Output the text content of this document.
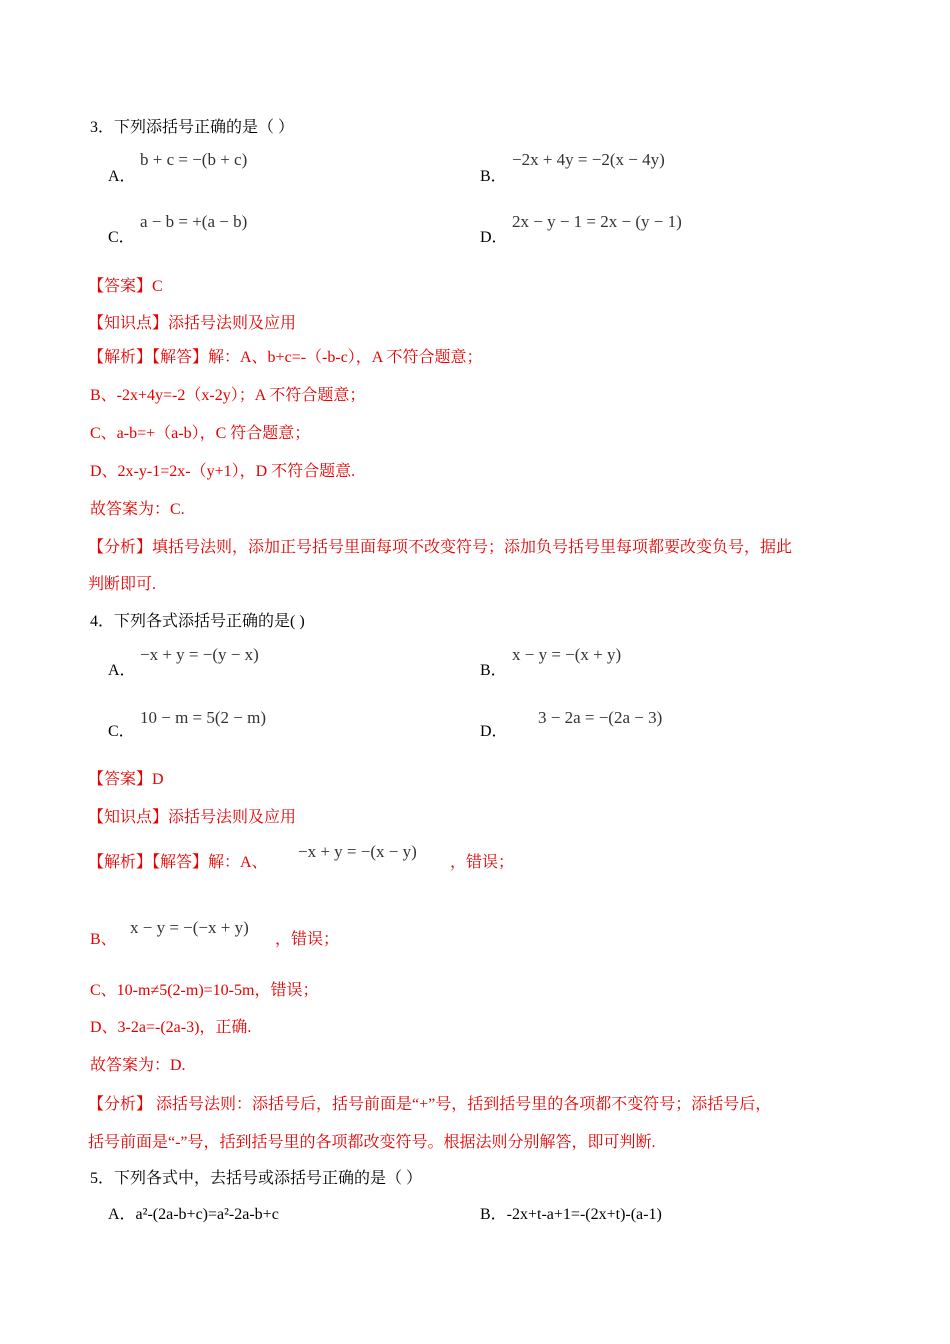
3．下列添括号正确的是（ ）
A．
b + c = −(b + c)
B．
−2x + 4y = −2(x − 4y)
C．
a − b = +(a − b)
D．
2x − y − 1 = 2x − (y − 1)
【答案】C
【知识点】添括号法则及应用
【解析】【解答】解：A、b+c=-（-b-c），A 不符合题意；
B、-2x+4y=-2（x-2y）；A 不符合题意；
C、a-b=+（a-b），C 符合题意；
D、2x-y-1=2x-（y+1），D 不符合题意.
故答案为：C.
【分析】填括号法则，添加正号括号里面每项不改变符号；添加负号括号里每项都要改变负号，据此
判断即可.
4．下列各式添括号正确的是( )
A．
−x + y = −(y − x)
B．
x − y = −(x + y)
C．
10 − m = 5(2 − m)
D．
3 − 2a = −(2a − 3)
【答案】D
【知识点】添括号法则及应用
【解析】【解答】解：A、
−x + y = −(x − y)
，错误；
B、
x − y = −(−x + y)
，错误；
C、10-m≠5(2-m)=10-5m，错误；
D、3-2a=-(2a-3)，正确.
故答案为：D.
【分析】 添括号法则：添括号后，括号前面是“+”号，括到括号里的各项都不变符号；添括号后，
括号前面是“-”号，括到括号里的各项都改变符号。根据法则分别解答，即可判断.
5．下列各式中，去括号或添括号正确的是（ ）
A．a²-(2a-b+c)=a²-2a-b+c	B．-2x+t-a+1=-(2x+t)-(a-1)
